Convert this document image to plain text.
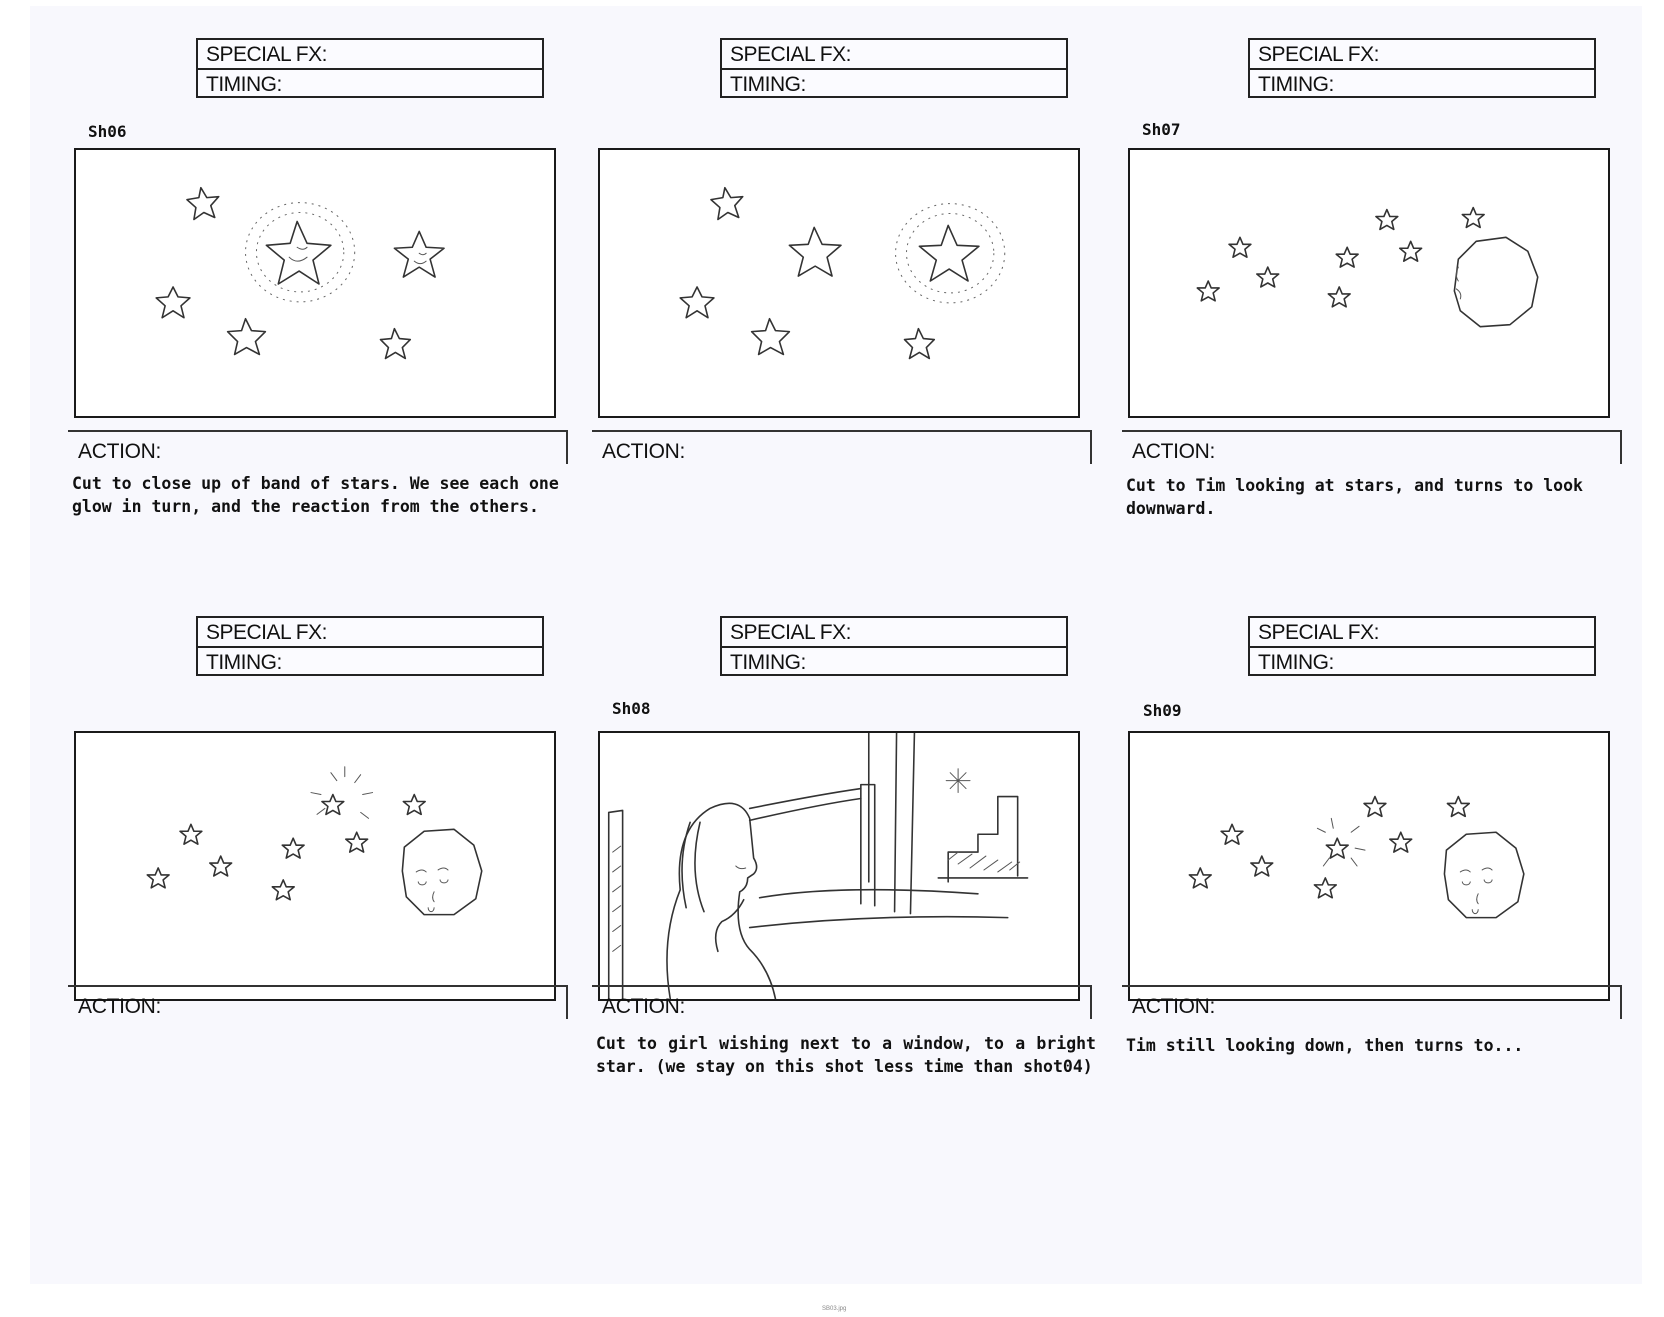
SPECIAL FX:
TIMING:
Sh06
ACTION:
Cut to close up of band of stars. We see each one glow in turn, and the reaction from the others.
SPECIAL FX:
TIMING:
ACTION:
SPECIAL FX:
TIMING:
Sh07
ACTION:
Cut to Tim looking at stars, and turns to look downward.
SPECIAL FX:
TIMING:
ACTION:
SPECIAL FX:
TIMING:
Sh08
ACTION:
Cut to girl wishing next to a window, to a bright star. (we stay on this shot less time than shot04)
SPECIAL FX:
TIMING:
Sh09
ACTION:
Tim still looking down, then turns to...
SB03.jpg
